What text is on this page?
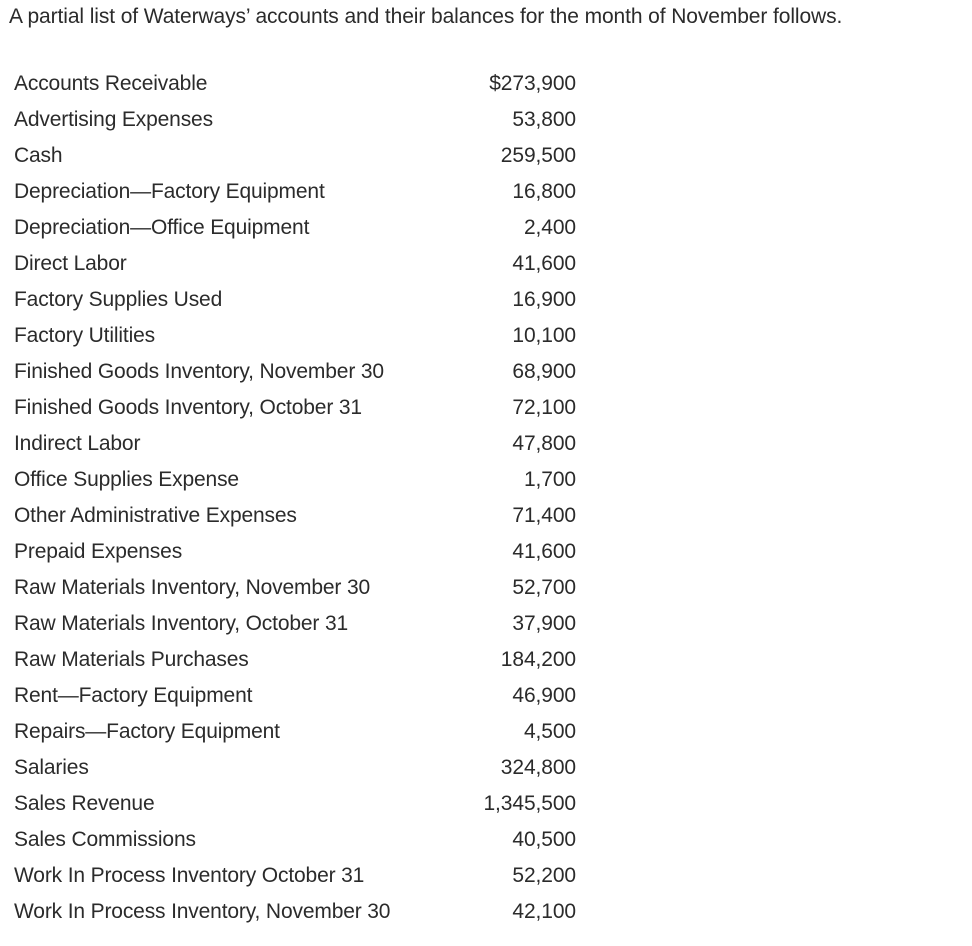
A partial list of Waterways’ accounts and their balances for the month of November follows.
Accounts Receivable	$273,900
Advertising Expenses	53,800
Cash	259,500
Depreciation—Factory Equipment	16,800
Depreciation—Office Equipment	2,400
Direct Labor	41,600
Factory Supplies Used	16,900
Factory Utilities	10,100
Finished Goods Inventory, November 30	68,900
Finished Goods Inventory, October 31	72,100
Indirect Labor	47,800
Office Supplies Expense	1,700
Other Administrative Expenses	71,400
Prepaid Expenses	41,600
Raw Materials Inventory, November 30	52,700
Raw Materials Inventory, October 31	37,900
Raw Materials Purchases	184,200
Rent—Factory Equipment	46,900
Repairs—Factory Equipment	4,500
Salaries	324,800
Sales Revenue	1,345,500
Sales Commissions	40,500
Work In Process Inventory October 31	52,200
Work In Process Inventory, November 30	42,100
